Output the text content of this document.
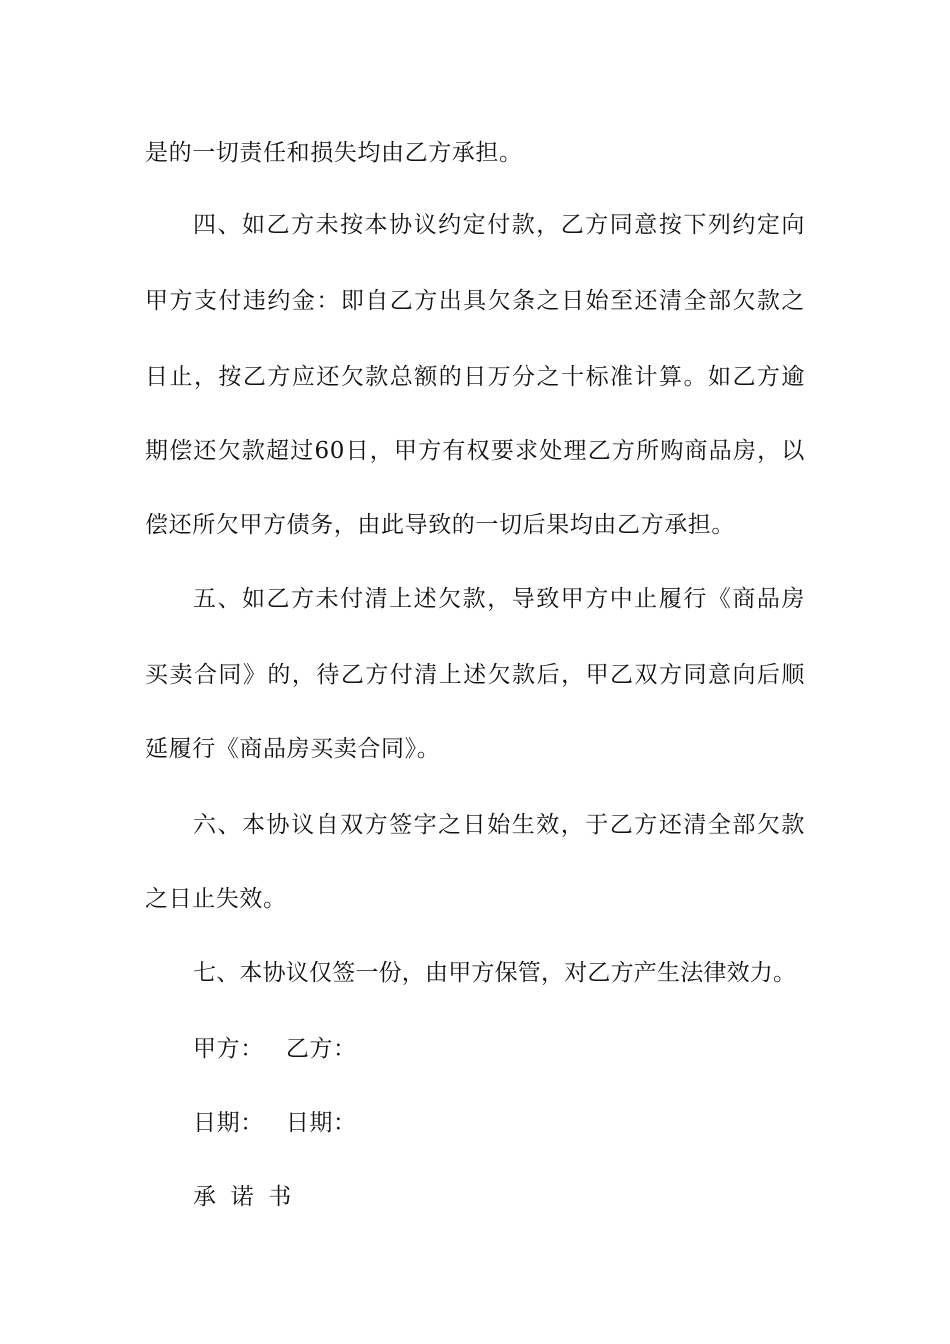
是的一切责任和损失均由乙方承担。
四、如乙方未按本协议约定付款，乙方同意按下列约定向
甲方支付违约金：即自乙方出具欠条之日始至还清全部欠款之
日止，按乙方应还欠款总额的日万分之十标准计算。如乙方逾
期偿还欠款超过60日，甲方有权要求处理乙方所购商品房，以
偿还所欠甲方债务，由此导致的一切后果均由乙方承担。
五、如乙方未付清上述欠款，导致甲方中止履行《商品房
买卖合同》的，待乙方付清上述欠款后，甲乙双方同意向后顺
延履行《商品房买卖合同》。
六、本协议自双方签字之日始生效，于乙方还清全部欠款
之日止失效。
七、本协议仅签一份，由甲方保管，对乙方产生法律效力。
甲方： 乙方：
日期： 日期：
承 诺 书
